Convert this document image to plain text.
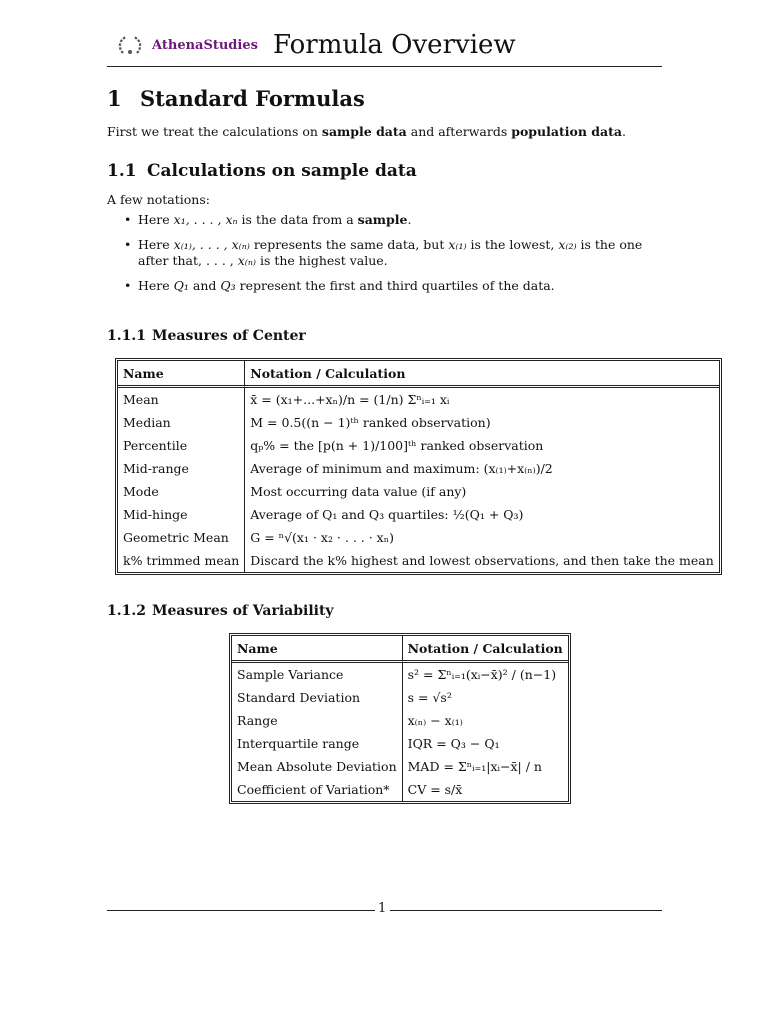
AthenaStudies Formula Overview
1 Standard Formulas
First we treat the calculations on sample data and afterwards population data.
1.1 Calculations on sample data
A few notations:
• Here x₁, . . . , xₙ is the data from a sample.
• Here x₍₁₎, . . . , x₍ₙ₎ represents the same data, but x₍₁₎ is the lowest, x₍₂₎ is the one after that, . . . , x₍ₙ₎ is the highest value.
• Here Q₁ and Q₃ represent the first and third quartiles of the data.
1.1.1 Measures of Center
Name	Notation / Calculation
Mean	x̄ = (x₁+...+xₙ)/n = (1/n) Σⁿᵢ₌₁ xᵢ
Median	M = 0.5((n − 1)ᵗʰ ranked observation)
Percentile	qₚ% = the [p(n + 1)/100]ᵗʰ ranked observation
Mid-range	Average of minimum and maximum: (x₍₁₎+x₍ₙ₎)/2
Mode	Most occurring data value (if any)
Mid-hinge	Average of Q₁ and Q₃ quartiles: ½(Q₁ + Q₃)
Geometric Mean	G = ⁿ√(x₁ · x₂ · . . . · xₙ)
k% trimmed mean	Discard the k% highest and lowest observations, and then take the mean
1.1.2 Measures of Variability
Name	Notation / Calculation
Sample Variance	s² = Σⁿᵢ₌₁(xᵢ−x̄)² / (n−1)
Standard Deviation	s = √s²
Range	x₍ₙ₎ − x₍₁₎
Interquartile range	IQR = Q₃ − Q₁
Mean Absolute Deviation	MAD = Σⁿᵢ₌₁|xᵢ−x̄| / n
Coefficient of Variation*	CV = s/x̄
1
